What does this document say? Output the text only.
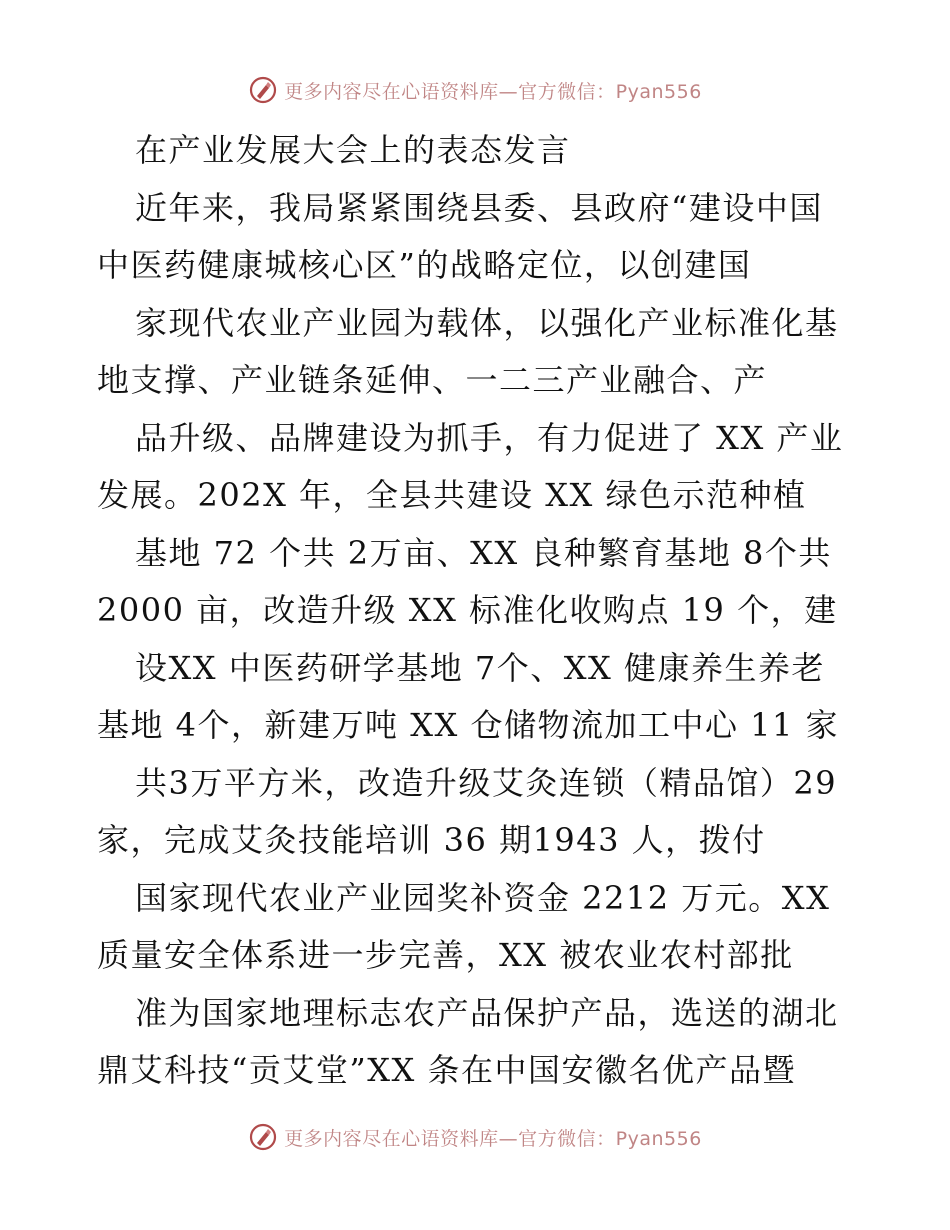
更多内容尽在心语资料库—官方微信：Pyan556
在产业发展大会上的表态发言
近年来，我局紧紧围绕县委、县政府“建设中国
中医药健康城核心区”的战略定位，以创建国
家现代农业产业园为载体，以强化产业标准化基
地支撑、产业链条延伸、一二三产业融合、产
品升级、品牌建设为抓手，有力促进了 XX 产业
发展。202X 年，全县共建设 XX 绿色示范种植
基地 72 个共 2万亩、XX 良种繁育基地 8个共
2000 亩，改造升级 XX 标准化收购点 19 个，建
设XX 中医药研学基地 7个、XX 健康养生养老
基地 4个，新建万吨 XX 仓储物流加工中心 11 家
共3万平方米，改造升级艾灸连锁（精品馆）29
家，完成艾灸技能培训 36 期1943 人，拨付
国家现代农业产业园奖补资金 2212 万元。XX
质量安全体系进一步完善，XX 被农业农村部批
准为国家地理标志农产品保护产品，选送的湖北
鼎艾科技“贡艾堂”XX 条在中国安徽名优产品暨
更多内容尽在心语资料库—官方微信：Pyan556
